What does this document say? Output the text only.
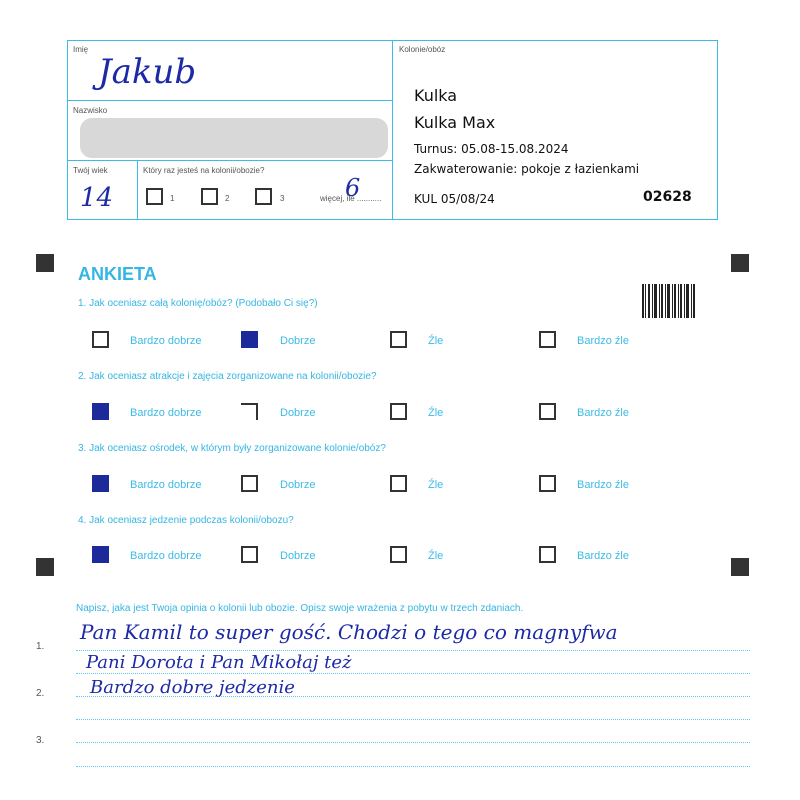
Imię
Jakub
Nazwisko
Twój wiek
14
Który raz jesteś na kolonii/obozie?
1	2	3	więcej, ile ...........
6
Kolonie/obóz
Kulka
Kulka Max
Turnus: 05.08-15.08.2024
Zakwaterowanie: pokoje z łazienkami
KUL 05/08/24	02628
ANKIETA
1. Jak oceniasz całą kolonię/obóz? (Podobało Ci się?)
Bardzo dobrze	Dobrze	Źle	Bardzo źle
2. Jak oceniasz atrakcje i zajęcia zorganizowane na kolonii/obozie?
Bardzo dobrze	Dobrze	Źle	Bardzo źle
3. Jak oceniasz ośrodek, w którym były zorganizowane kolonie/obóz?
Bardzo dobrze	Dobrze	Źle	Bardzo źle
4. Jak oceniasz jedzenie podczas kolonii/obozu?
Bardzo dobrze	Dobrze	Źle	Bardzo źle
Napisz, jaka jest Twoja opinia o kolonii lub obozie. Opisz swoje wrażenia z pobytu w trzech zdaniach.
1.
2.
3.
Pan Kamil to super gość. Chodzi o tego co magnyfwa
Pani Dorota i Pan Mikołaj też
Bardzo dobre jedzenie
